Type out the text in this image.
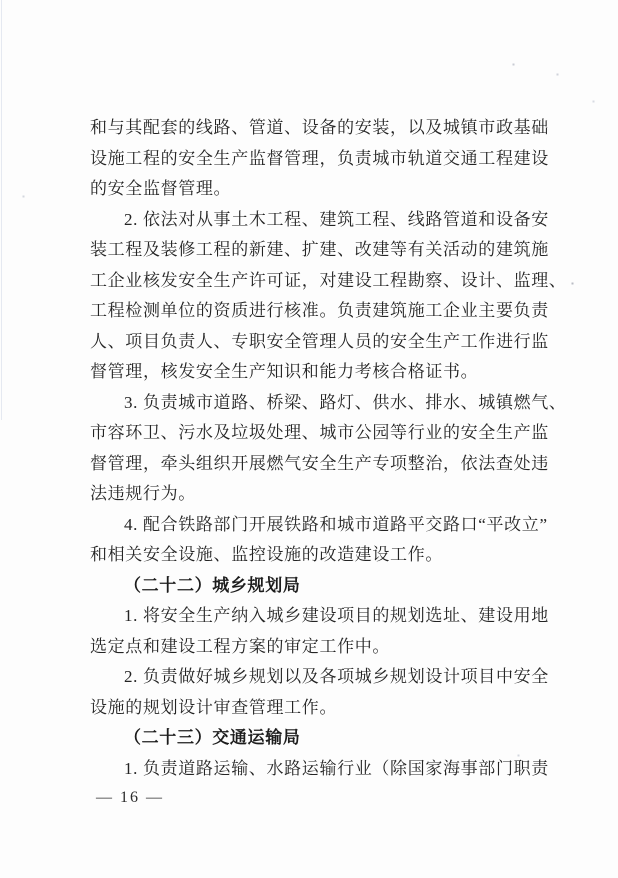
和与其配套的线路、管道、设备的安装，以及城镇市政基础
设施工程的安全生产监督管理，负责城市轨道交通工程建设
的安全监督管理。
2. 依法对从事土木工程、建筑工程、线路管道和设备安
装工程及装修工程的新建、扩建、改建等有关活动的建筑施
工企业核发安全生产许可证，对建设工程勘察、设计、监理、
工程检测单位的资质进行核准。负责建筑施工企业主要负责
人、项目负责人、专职安全管理人员的安全生产工作进行监
督管理，核发安全生产知识和能力考核合格证书。
3. 负责城市道路、桥梁、路灯、供水、排水、城镇燃气、
市容环卫、污水及垃圾处理、城市公园等行业的安全生产监
督管理，牵头组织开展燃气安全生产专项整治，依法查处违
法违规行为。
4. 配合铁路部门开展铁路和城市道路平交路口“平改立”
和相关安全设施、监控设施的改造建设工作。
（二十二）城乡规划局
1. 将安全生产纳入城乡建设项目的规划选址、建设用地
选定点和建设工程方案的审定工作中。
2. 负责做好城乡规划以及各项城乡规划设计项目中安全
设施的规划设计审查管理工作。
（二十三）交通运输局
1. 负责道路运输、水路运输行业（除国家海事部门职责
— 16 —
